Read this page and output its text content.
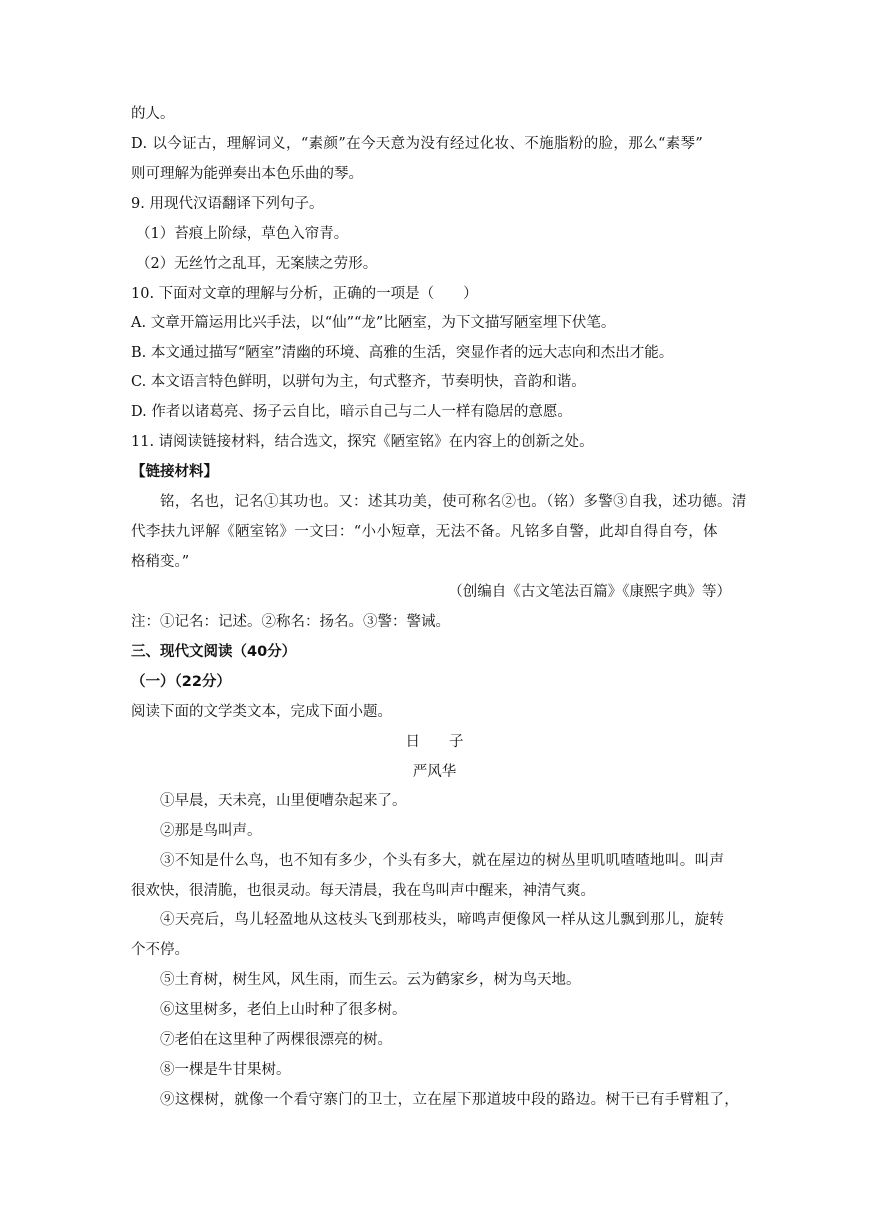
的人。
D. 以今证古，理解词义，“素颜”在今天意为没有经过化妆、不施脂粉的脸，那么“素琴”
则可理解为能弹奏出本色乐曲的琴。
9. 用现代汉语翻译下列句子。
（1）苔痕上阶绿，草色入帘青。
（2）无丝竹之乱耳，无案牍之劳形。
10. 下面对文章的理解与分析，正确的一项是（　　）
A. 文章开篇运用比兴手法，以“仙”“龙”比陋室，为下文描写陋室埋下伏笔。
B. 本文通过描写“陋室”清幽的环境、高雅的生活，突显作者的远大志向和杰出才能。
C. 本文语言特色鲜明，以骈句为主，句式整齐，节奏明快，音韵和谐。
D. 作者以诸葛亮、扬子云自比，暗示自己与二人一样有隐居的意愿。
11. 请阅读链接材料，结合选文，探究《陋室铭》在内容上的创新之处。
【链接材料】
铭，名也，记名①其功也。又：述其功美，使可称名②也。（铭）多警③自我，述功德。清
代李扶九评解《陋室铭》一文曰：“小小短章，无法不备。凡铭多自警，此却自得自夸，体
格稍变。”
（创编自《古文笔法百篇》《康熙字典》等）
注：①记名：记述。②称名：扬名。③警：警诫。
三、现代文阅读（40分）
（一）（22分）
阅读下面的文学类文本，完成下面小题。
日　　子
严风华
①早晨，天未亮，山里便嘈杂起来了。
②那是鸟叫声。
③不知是什么鸟，也不知有多少，个头有多大，就在屋边的树丛里叽叽喳喳地叫。叫声
很欢快，很清脆，也很灵动。每天清晨，我在鸟叫声中醒来，神清气爽。
④天亮后，鸟儿轻盈地从这枝头飞到那枝头，啼鸣声便像风一样从这儿飘到那儿，旋转
个不停。
⑤土育树，树生风，风生雨，而生云。云为鹤家乡，树为鸟天地。
⑥这里树多，老伯上山时种了很多树。
⑦老伯在这里种了两棵很漂亮的树。
⑧一棵是牛甘果树。
⑨这棵树，就像一个看守寨门的卫士，立在屋下那道坡中段的路边。树干已有手臂粗了，
